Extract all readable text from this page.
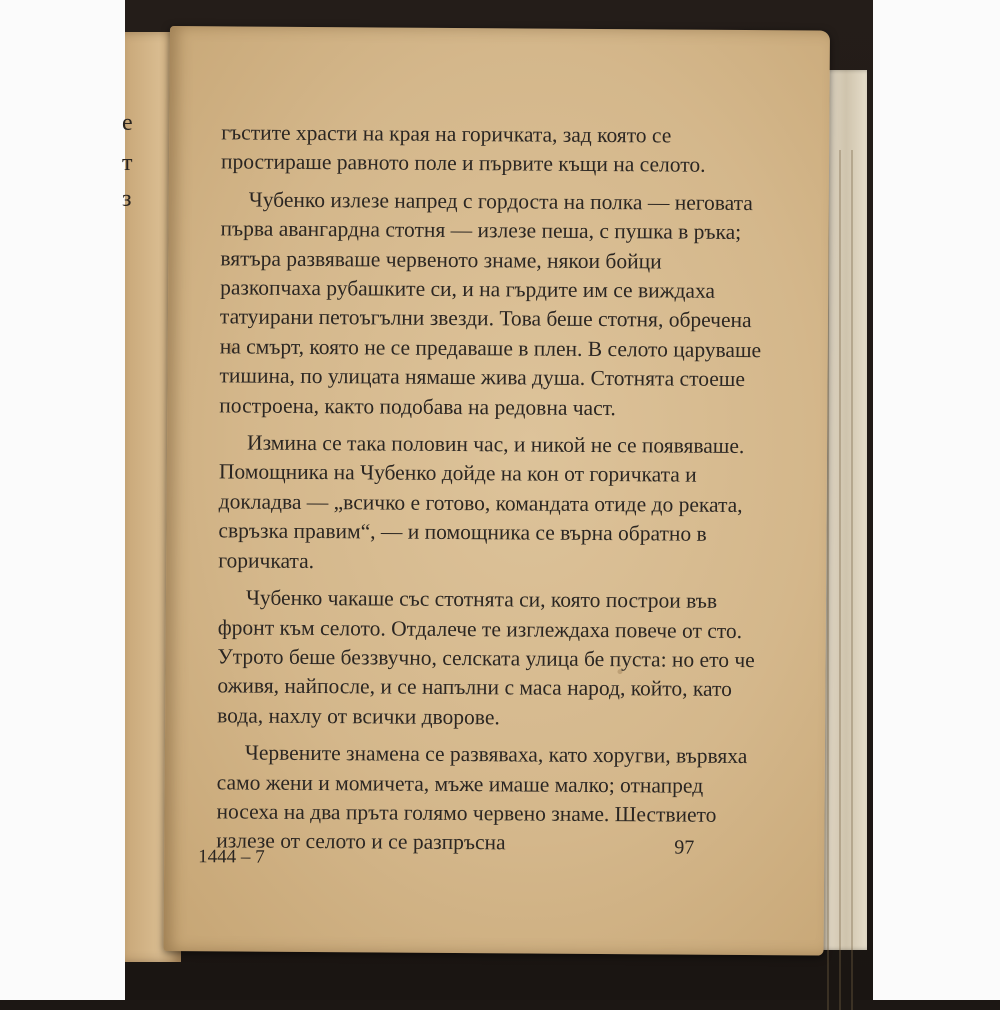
е
т
з

гъстите храсти на края на горичката, зад която се простираше равното поле и първите къщи на селото.

Чубенко излезе напред с гордоста на полка — неговата първа авангардна стотня — излезе пеша, с пушка в ръка; вятъра развяваше червеното знаме, някои бойци разкопчаха рубашките си, и на гърдите им се виждаха татуирани петоъгълни звезди. Това беше стотня, обречена на смърт, която не се предаваше в плен. В селото царуваше тишина, по улицата нямаше жива душа. Стотнята стоеше построена, както подобава на редовна част.

Измина се така половин час, и никой не се появяваше. Помощника на Чубенко дойде на кон от горичката и докладва — „всичко е готово, командата отиде до реката, свръзка правим“, — и помощника се върна обратно в горичката.

Чубенко чакаше със стотнята си, която построи във фронт към селото. Отдалече те изглеждаха повече от сто. Утрото беше беззвучно, селската улица бе пуста: но ето че оживя, найпосле, и се напълни с маса народ, който, като вода, нахлу от всички дворове.

Червените знамена се развяваха, като хоругви, вървяха само жени и момичета, мъже имаше малко; отнапред носеха на два пръта голямо червено знаме. Шествието излезе от селото и се разпръсна	97
1444 – 7
